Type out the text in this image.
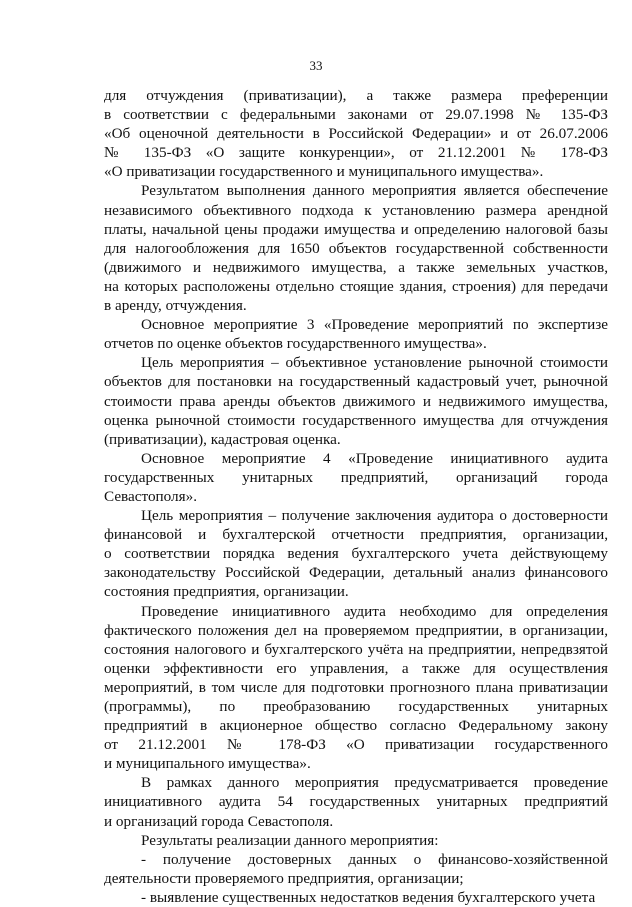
33

для отчуждения (приватизации), а также размера преференции
в соответствии с федеральными законами от 29.07.1998 № 135-ФЗ
«Об оценочной деятельности в Российской Федерации» и от 26.07.2006
№ 135-ФЗ «О защите конкуренции», от 21.12.2001 № 178-ФЗ
«О приватизации государственного и муниципального имущества».

Результатом выполнения данного мероприятия является обеспечение
независимого объективного подхода к установлению размера арендной
платы, начальной цены продажи имущества и определению налоговой базы
для налогообложения для 1650 объектов государственной собственности
(движимого и недвижимого имущества, а также земельных участков,
на которых расположены отдельно стоящие здания, строения) для передачи
в аренду, отчуждения.

Основное мероприятие 3 «Проведение мероприятий по экспертизе
отчетов по оценке объектов государственного имущества».

Цель мероприятия – объективное установление рыночной стоимости
объектов для постановки на государственный кадастровый учет, рыночной
стоимости права аренды объектов движимого и недвижимого имущества,
оценка рыночной стоимости государственного имущества для отчуждения
(приватизации), кадастровая оценка.

Основное мероприятие 4 «Проведение инициативного аудита
государственных унитарных предприятий, организаций города
Севастополя».

Цель мероприятия – получение заключения аудитора о достоверности
финансовой и бухгалтерской отчетности предприятия, организации,
о соответствии порядка ведения бухгалтерского учета действующему
законодательству Российской Федерации, детальный анализ финансового
состояния предприятия, организации.

Проведение инициативного аудита необходимо для определения
фактического положения дел на проверяемом предприятии, в организации,
состояния налогового и бухгалтерского учёта на предприятии, непредвзятой
оценки эффективности его управления, а также для осуществления
мероприятий, в том числе для подготовки прогнозного плана приватизации
(программы), по преобразованию государственных унитарных
предприятий в акционерное общество согласно Федеральному закону
от 21.12.2001 № 178-ФЗ «О приватизации государственного
и муниципального имущества».

В рамках данного мероприятия предусматривается проведение
инициативного аудита 54 государственных унитарных предприятий
и организаций города Севастополя.

Результаты реализации данного мероприятия:

- получение достоверных данных о финансово-хозяйственной
деятельности проверяемого предприятия, организации;

- выявление существенных недостатков ведения бухгалтерского учета
